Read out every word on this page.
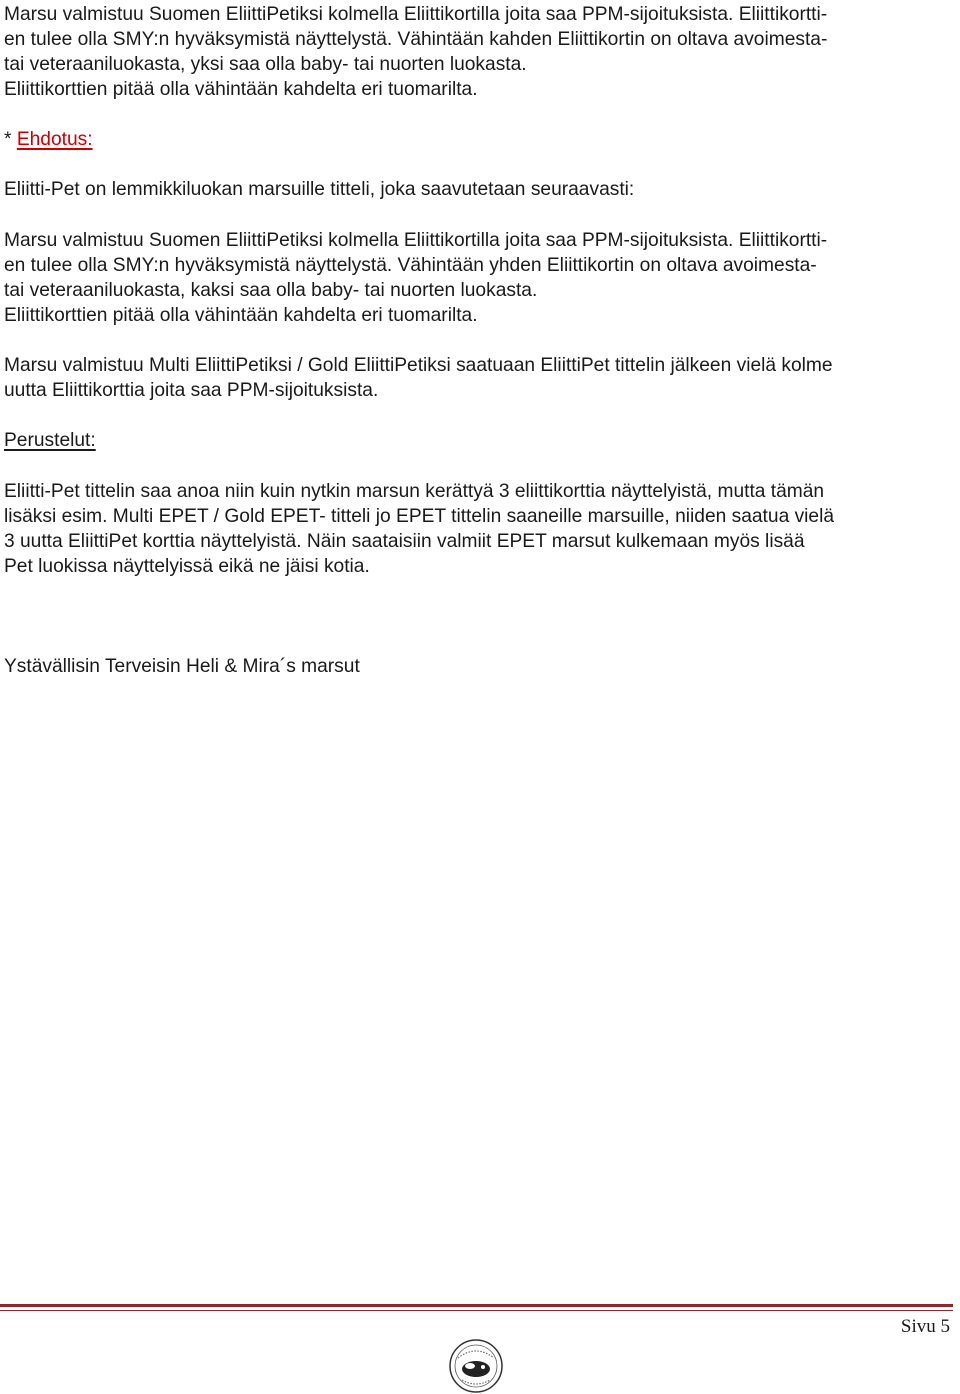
Marsu valmistuu Suomen EliittiPetiksi kolmella Eliittikortilla joita saa PPM-sijoituksista. Eliittikortti-
en tulee olla SMY:n hyväksymistä näyttelystä. Vähintään kahden Eliittikortin on oltava avoimesta-
tai veteraaniluokasta, yksi saa olla baby- tai nuorten luokasta.
Eliittikorttien pitää olla vähintään kahdelta eri tuomarilta.
* Ehdotus:
Eliitti-Pet on lemmikkiluokan marsuille titteli, joka saavutetaan seuraavasti:
Marsu valmistuu Suomen EliittiPetiksi kolmella Eliittikortilla joita saa PPM-sijoituksista. Eliittikortti-
en tulee olla SMY:n hyväksymistä näyttelystä. Vähintään yhden Eliittikortin on oltava avoimesta-
tai veteraaniluokasta, kaksi saa olla baby- tai nuorten luokasta.
Eliittikorttien pitää olla vähintään kahdelta eri tuomarilta.
Marsu valmistuu Multi EliittiPetiksi / Gold EliittiPetiksi saatuaan EliittiPet tittelin jälkeen vielä kolme
uutta Eliittikorttia joita saa PPM-sijoituksista.
Perustelut:
Eliitti-Pet tittelin saa anoa niin kuin nytkin marsun kerättyä 3 eliittikorttia näyttelyistä, mutta tämän
lisäksi esim. Multi EPET / Gold EPET- titteli jo EPET tittelin saaneille marsuille, niiden saatua vielä
3 uutta EliittiPet korttia näyttelyistä. Näin saataisiin valmiit EPET marsut kulkemaan myös lisää
Pet luokissa näyttelyissä eikä ne jäisi kotia.
Ystävällisin Terveisin Heli & Mira´s marsut
Sivu 5
